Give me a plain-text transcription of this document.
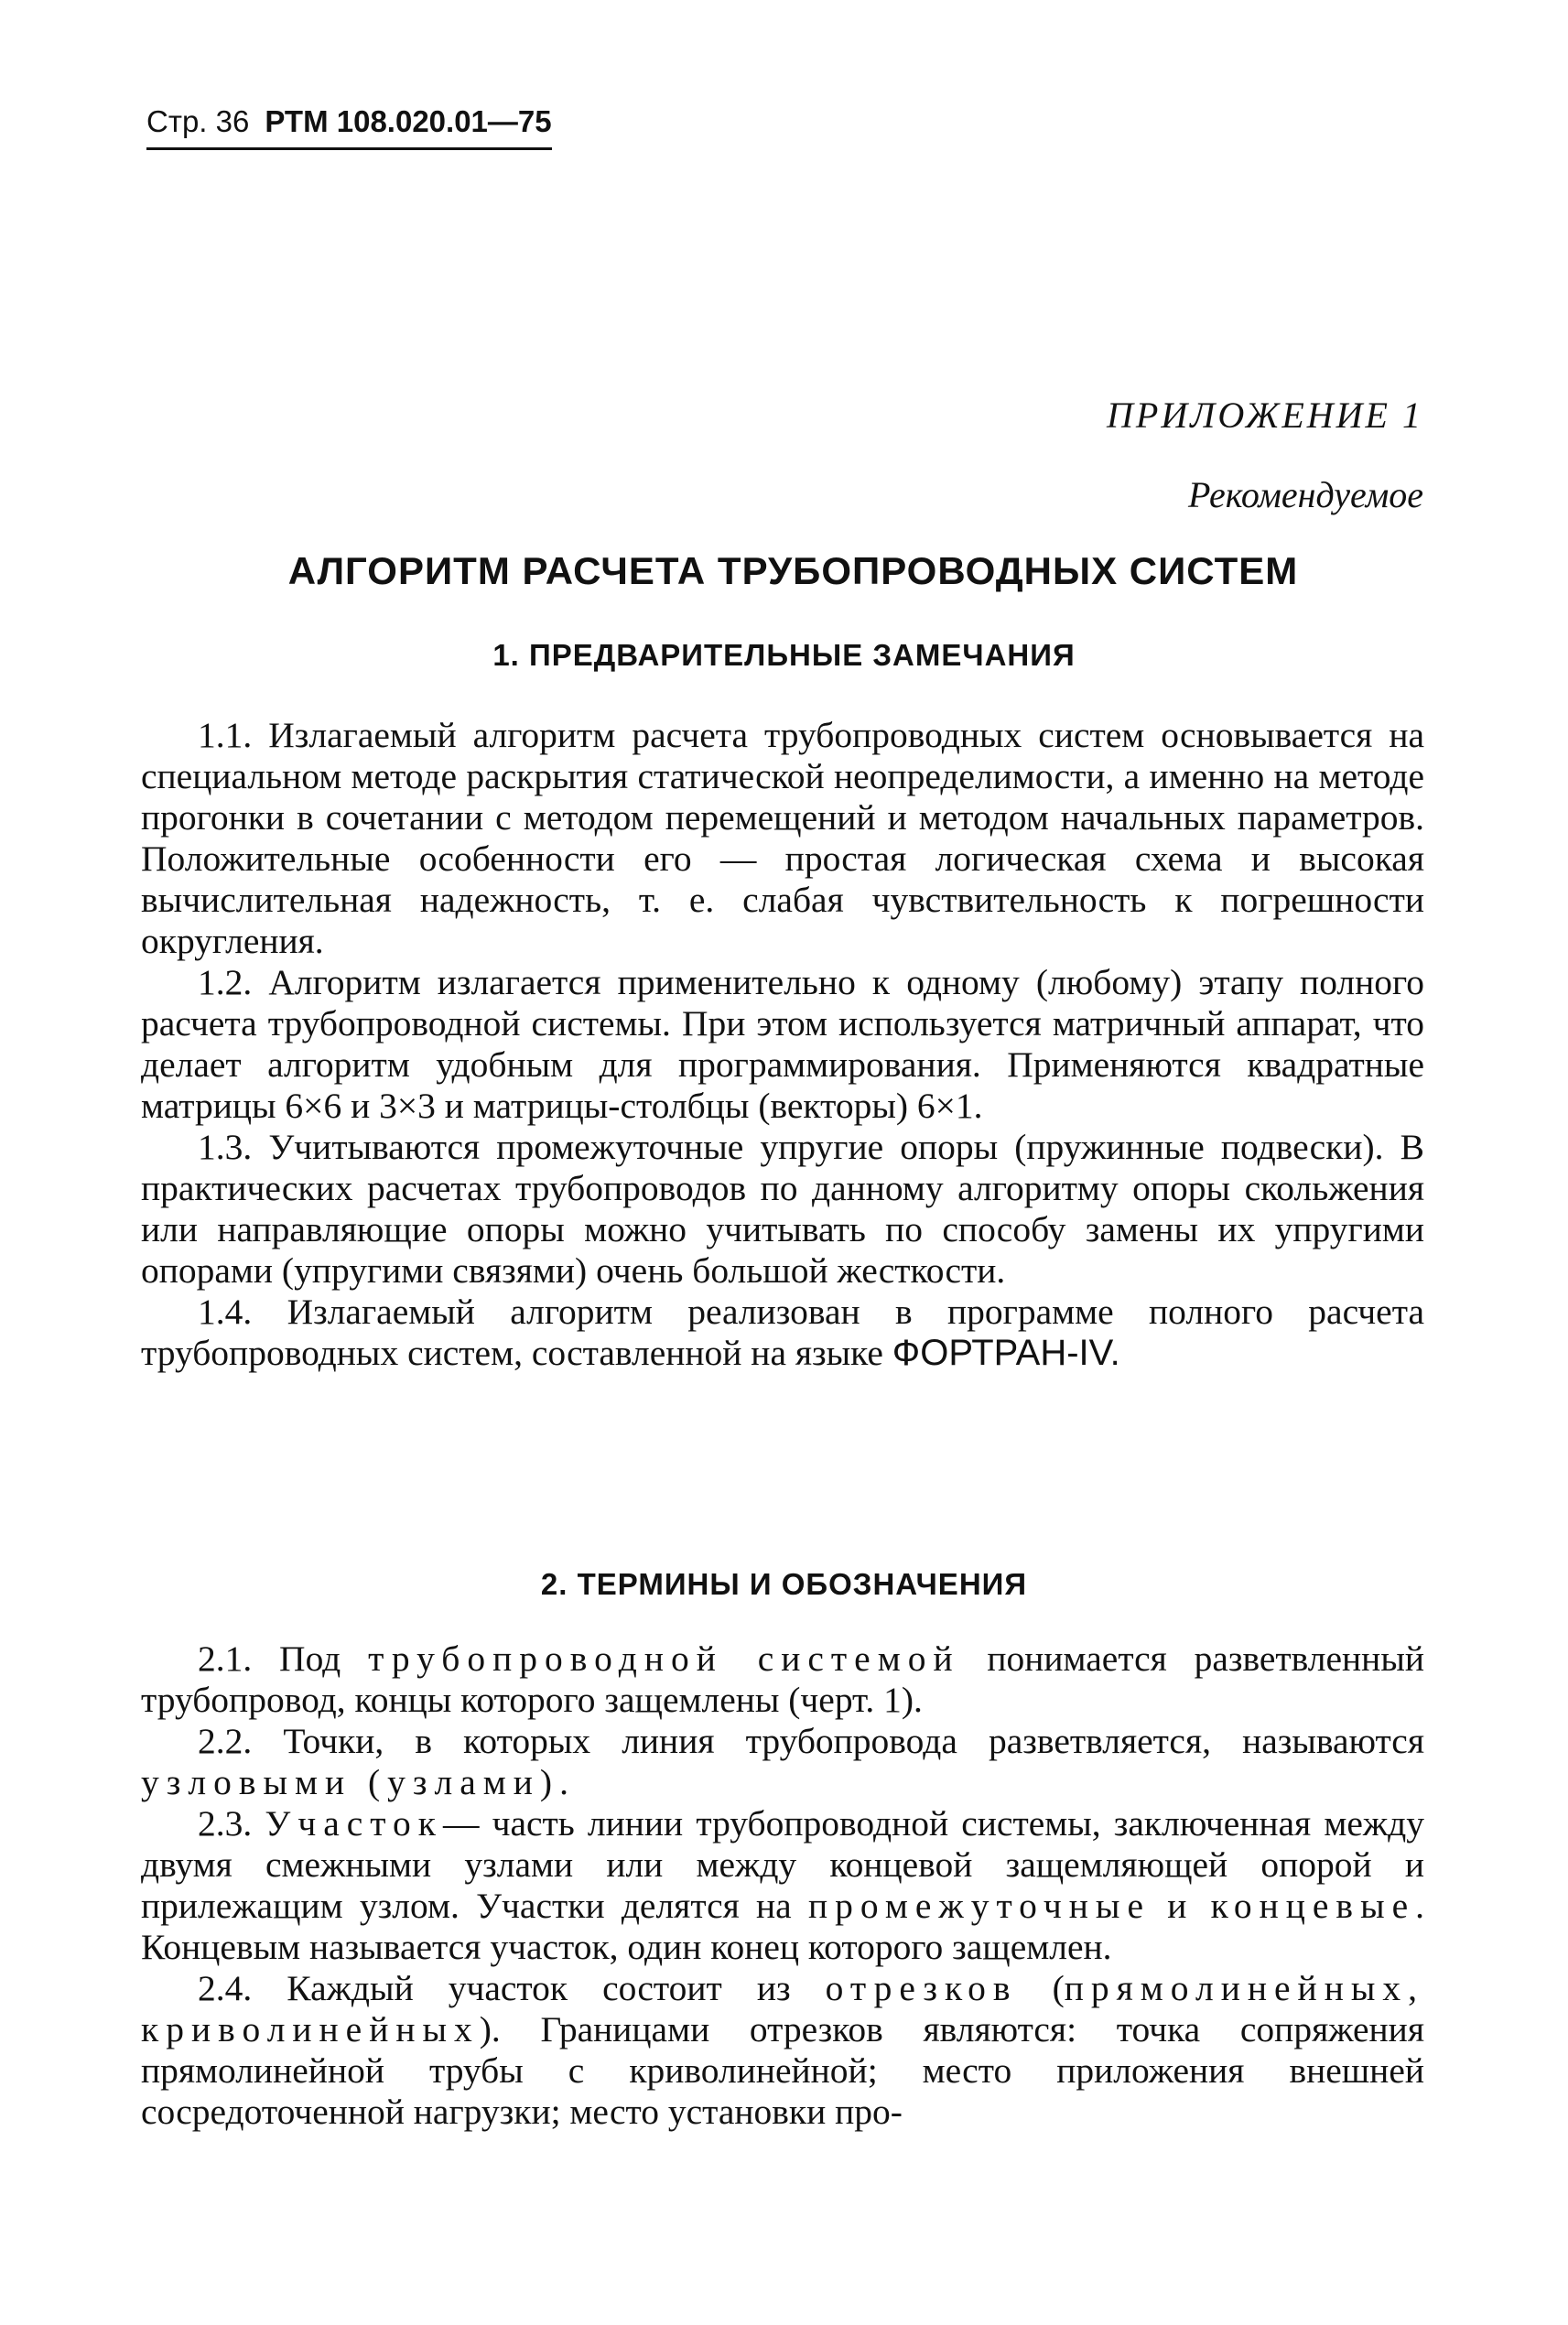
Стр. 36 РТМ 108.020.01—75
ПРИЛОЖЕНИЕ 1
Рекомендуемое
АЛГОРИТМ РАСЧЕТА ТРУБОПРОВОДНЫХ СИСТЕМ
1. ПРЕДВАРИТЕЛЬНЫЕ ЗАМЕЧАНИЯ

1.1. Излагаемый алгоритм расчета трубопроводных систем основывается на специальном методе раскрытия статической неопределимости, а именно на методе прогонки в сочетании с методом перемещений и методом начальных параметров. Положительные особенности его — простая логическая схема и высокая вычислительная надежность, т. е. слабая чувствительность к погрешности округления.

1.2. Алгоритм излагается применительно к одному (любому) этапу полного расчета трубопроводной системы. При этом используется матричный аппарат, что делает алгоритм удобным для программирования. Применяются квадратные матрицы 6×6 и 3×3 и матрицы-столбцы (векторы) 6×1.

1.3. Учитываются промежуточные упругие опоры (пружинные подвески). В практических расчетах трубопроводов по данному алгоритму опоры скольжения или направляющие опоры можно учитывать по способу замены их упругими опорами (упругими связями) очень большой жесткости.

1.4. Излагаемый алгоритм реализован в программе полного расчета трубопроводных систем, составленной на языке ФОРТРАН-IV.

2. ТЕРМИНЫ И ОБОЗНАЧЕНИЯ

2.1. Под трубопроводной системой понимается разветвленный трубопровод, концы которого защемлены (черт. 1).

2.2. Точки, в которых линия трубопровода разветвляется, называются узловыми (узлами).

2.3. Участок— часть линии трубопроводной системы, заключенная между двумя смежными узлами или между концевой защемляющей опорой и прилежащим узлом. Участки делятся на промежуточные и концевые. Концевым называется участок, один конец которого защемлен.

2.4. Каждый участок состоит из отрезков (прямолинейных, криволинейных). Границами отрезков являются: точка сопряжения прямолинейной трубы с криволинейной; место приложения внешней сосредоточенной нагрузки; место установки про-
